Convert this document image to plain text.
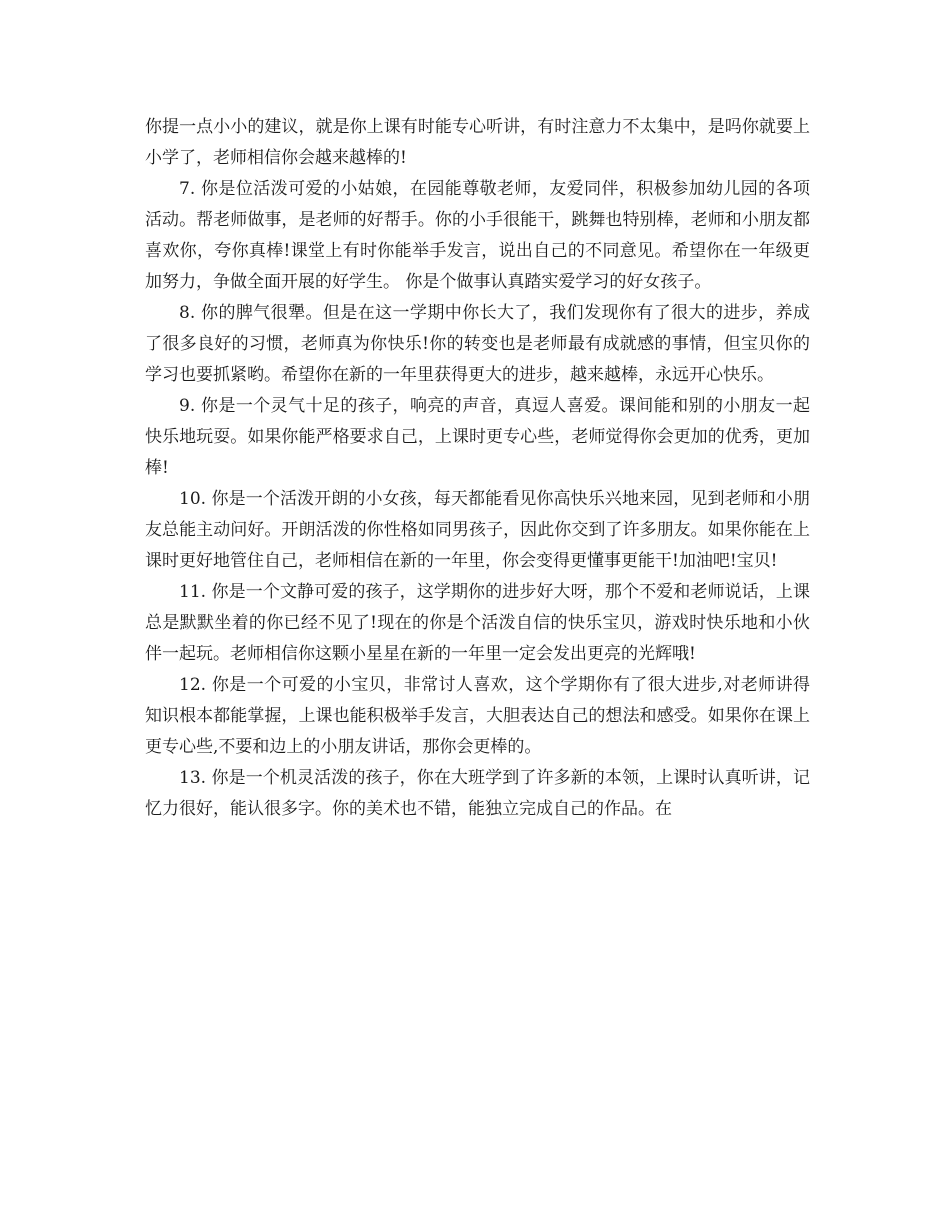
你提一点小小的建议，就是你上课有时能专心听讲，有时注意力不太集中，是吗你就要上小学了，老师相信你会越来越棒的!

7. 你是位活泼可爱的小姑娘，在园能尊敬老师，友爱同伴，积极参加幼儿园的各项活动。帮老师做事，是老师的好帮手。你的小手很能干，跳舞也特别棒，老师和小朋友都喜欢你，夸你真棒!课堂上有时你能举手发言，说出自己的不同意见。希望你在一年级更加努力，争做全面开展的好学生。 你是个做事认真踏实爱学习的好女孩子。

8. 你的脾气很犟。但是在这一学期中你长大了，我们发现你有了很大的进步，养成了很多良好的习惯，老师真为你快乐!你的转变也是老师最有成就感的事情，但宝贝你的学习也要抓紧哟。希望你在新的一年里获得更大的进步，越来越棒，永远开心快乐。

9. 你是一个灵气十足的孩子，响亮的声音，真逗人喜爱。课间能和别的小朋友一起快乐地玩耍。如果你能严格要求自己，上课时更专心些，老师觉得你会更加的优秀，更加棒!

10. 你是一个活泼开朗的小女孩，每天都能看见你高快乐兴地来园，见到老师和小朋友总能主动问好。开朗活泼的你性格如同男孩子，因此你交到了许多朋友。如果你能在上课时更好地管住自己，老师相信在新的一年里，你会变得更懂事更能干!加油吧!宝贝!

11. 你是一个文静可爱的孩子，这学期你的进步好大呀，那个不爱和老师说话，上课总是默默坐着的你已经不见了!现在的你是个活泼自信的快乐宝贝，游戏时快乐地和小伙伴一起玩。老师相信你这颗小星星在新的一年里一定会发出更亮的光辉哦!

12. 你是一个可爱的小宝贝，非常讨人喜欢，这个学期你有了很大进步,对老师讲得知识根本都能掌握，上课也能积极举手发言，大胆表达自己的想法和感受。如果你在课上更专心些,不要和边上的小朋友讲话，那你会更棒的。

13. 你是一个机灵活泼的孩子，你在大班学到了许多新的本领，上课时认真听讲，记忆力很好，能认很多字。你的美术也不错，能独立完成自己的作品。在
